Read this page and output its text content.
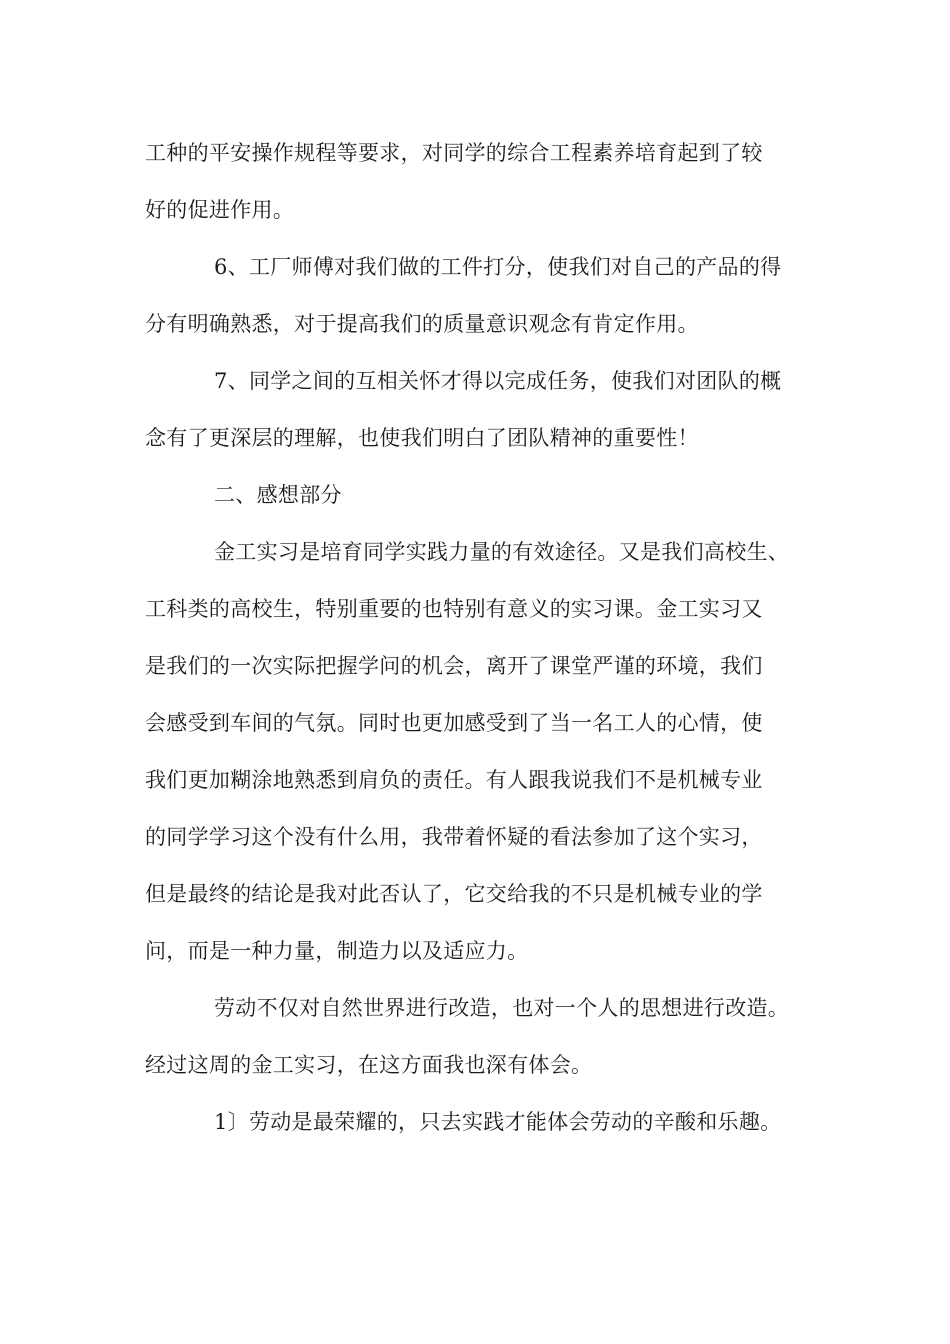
工种的平安操作规程等要求，对同学的综合工程素养培育起到了较
好的促进作用。
6、工厂师傅对我们做的工件打分，使我们对自己的产品的得
分有明确熟悉，对于提高我们的质量意识观念有肯定作用。
7、同学之间的互相关怀才得以完成任务，使我们对团队的概
念有了更深层的理解，也使我们明白了团队精神的重要性！
二、感想部分
金工实习是培育同学实践力量的有效途径。又是我们高校生、
工科类的高校生，特别重要的也特别有意义的实习课。金工实习又
是我们的一次实际把握学问的机会，离开了课堂严谨的环境，我们
会感受到车间的气氛。同时也更加感受到了当一名工人的心情，使
我们更加糊涂地熟悉到肩负的责任。有人跟我说我们不是机械专业
的同学学习这个没有什么用，我带着怀疑的看法参加了这个实习，
但是最终的结论是我对此否认了，它交给我的不只是机械专业的学
问，而是一种力量，制造力以及适应力。
劳动不仅对自然世界进行改造，也对一个人的思想进行改造。
经过这周的金工实习，在这方面我也深有体会。
1〕劳动是最荣耀的，只去实践才能体会劳动的辛酸和乐趣。
